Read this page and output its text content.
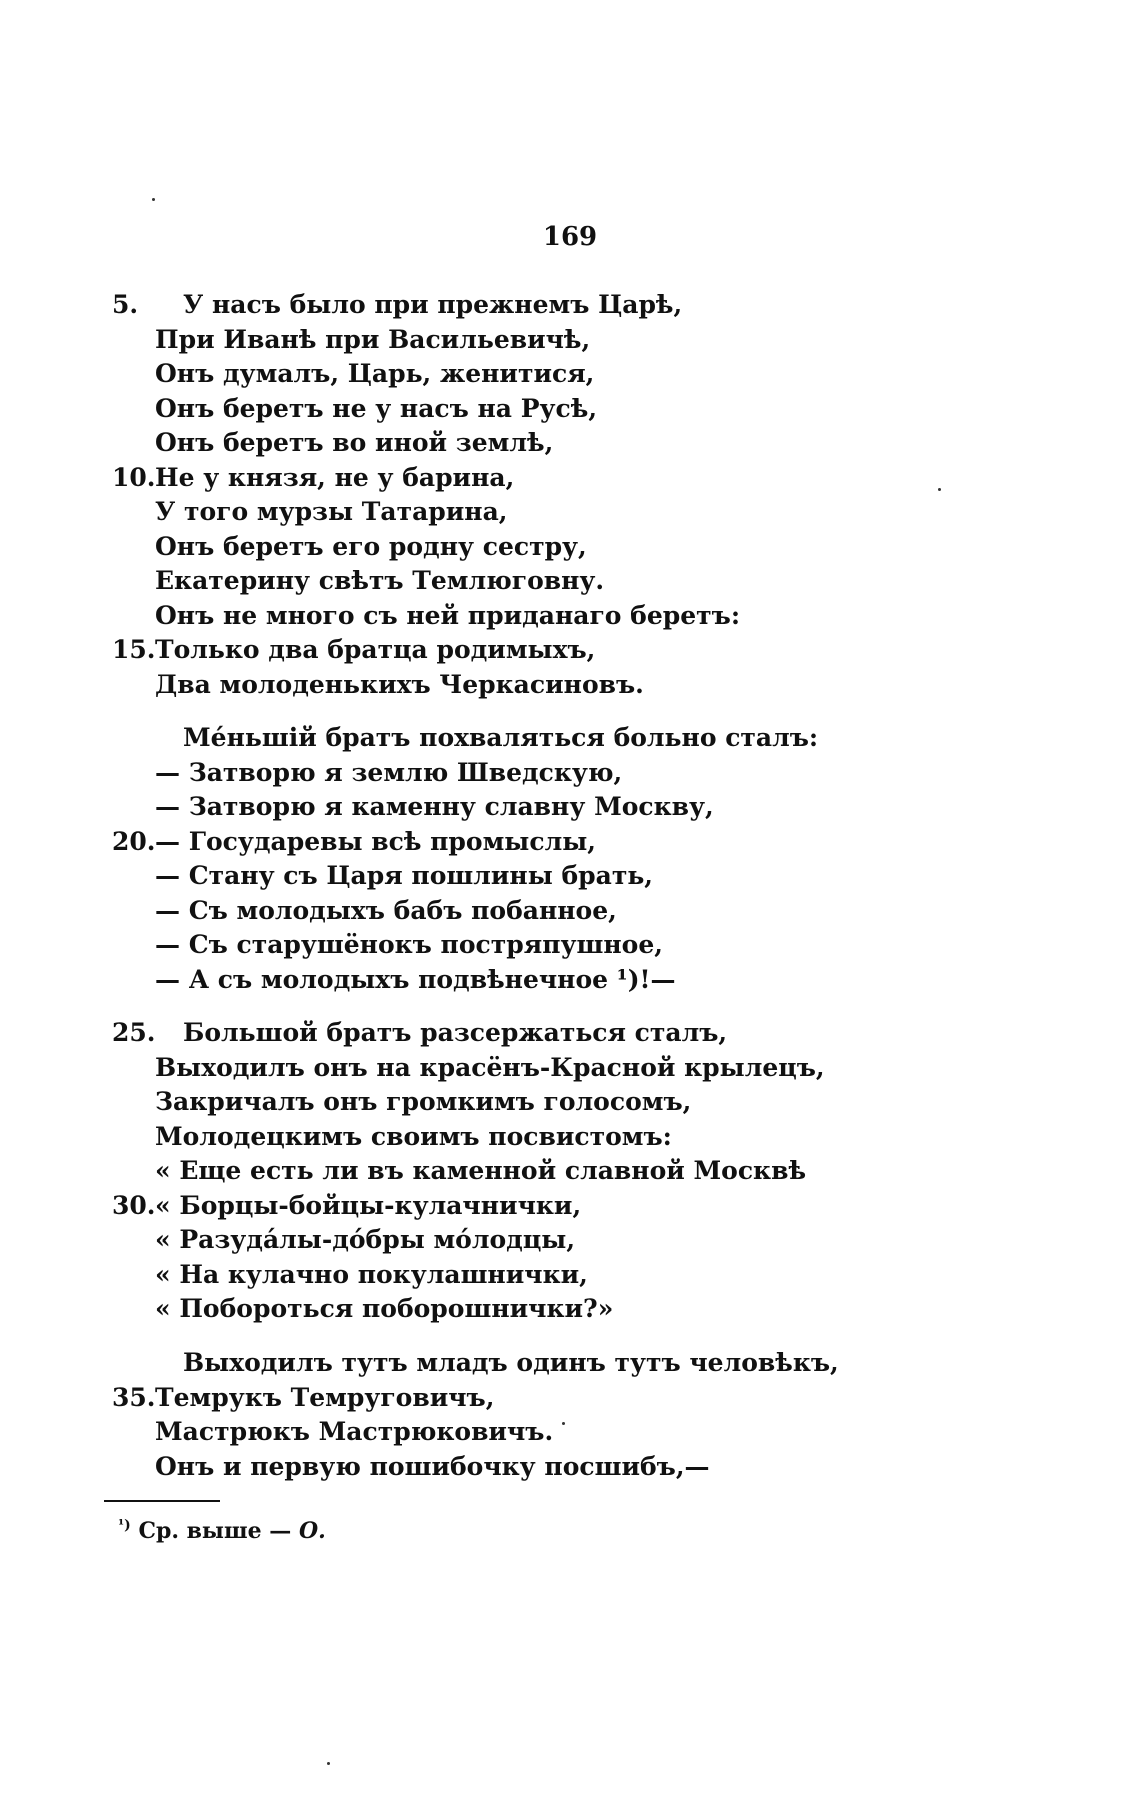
169
5. У насъ было при прежнемъ Царѣ,
При Иванѣ при Васильевичѣ,
Онъ думалъ, Царь, женитися,
Онъ беретъ не у насъ на Русѣ,
Онъ беретъ во иной землѣ,
10. Не у князя, не у барина,
У того мурзы Татарина,
Онъ беретъ его родну сестру,
Екатерину свѣтъ Темлюговну.
Онъ не много съ ней приданаго беретъ:
15. Только два братца родимыхъ,
Два молоденькихъ Черкасиновъ.
Ме́ньшій братъ похваляться больно сталъ:
— Затворю я землю Шведскую,
— Затворю я каменну славну Москву,
20. — Государевы всѣ промыслы,
— Стану съ Царя пошлины брать,
— Съ молодыхъ бабъ побанное,
— Съ старушёнокъ постряпушное,
— А съ молодыхъ подвѣнечное ¹)!—
25. Большой братъ разсержаться сталъ,
Выходилъ онъ на красёнъ-Красной крылецъ,
Закричалъ онъ громкимъ голосомъ,
Молодецкимъ своимъ посвистомъ:
« Еще есть ли въ каменной славной Москвѣ
30. « Борцы-бойцы-кулачнички,
« Разуда́лы-до́бры мо́лодцы,
« На кулачно покулашнички,
« Побороться поборошнички?»
Выходилъ тутъ младъ одинъ тутъ человѣкъ,
35. Темрукъ Темруговичъ,
Мастрюкъ Мастрюковичъ.
Онъ и первую пошибочку посшибъ,—
$^{^1)}$ Ср. выше — О.
